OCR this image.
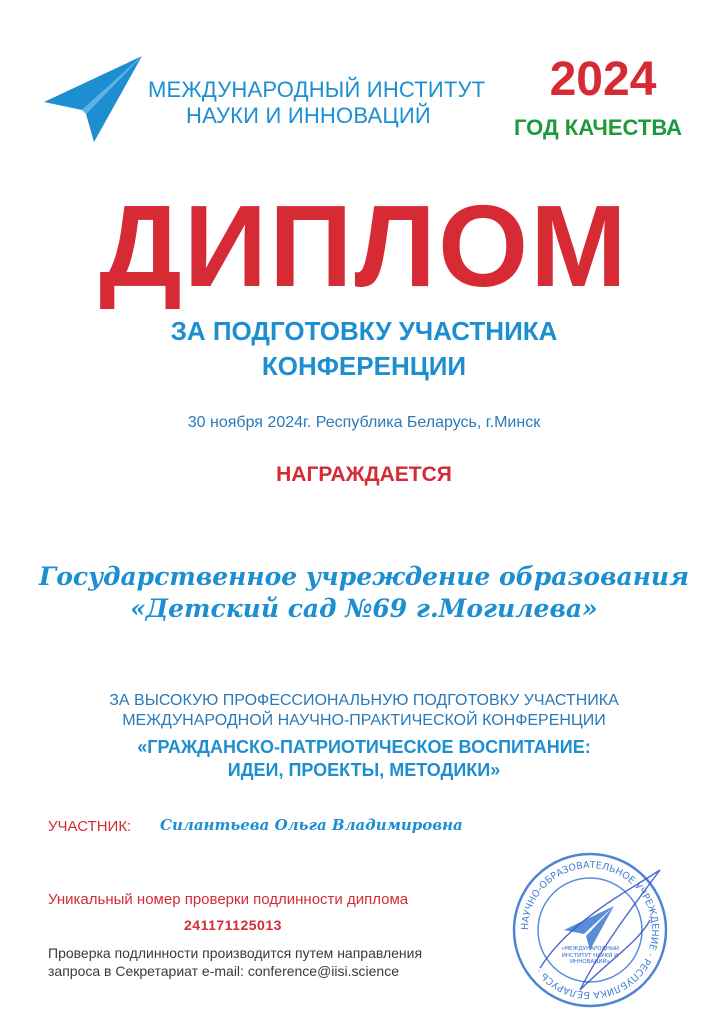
МЕЖДУНАРОДНЫЙ ИНСТИТУТ
НАУКИ И ИННОВАЦИЙ
2024
ГОД КАЧЕСТВА
ДИПЛОМ
ЗА ПОДГОТОВКУ УЧАСТНИКА
КОНФЕРЕНЦИИ
30 ноября 2024г. Республика Беларусь, г.Минск
НАГРАЖДАЕТСЯ
Государственное учреждение образования
«Детский сад №69 г.Могилева»
ЗА ВЫСОКУЮ ПРОФЕССИОНАЛЬНУЮ ПОДГОТОВКУ УЧАСТНИКА
МЕЖДУНАРОДНОЙ НАУЧНО-ПРАКТИЧЕСКОЙ КОНФЕРЕНЦИИ
«ГРАЖДАНСКО-ПАТРИОТИЧЕСКОЕ ВОСПИТАНИЕ:
ИДЕИ, ПРОЕКТЫ, МЕТОДИКИ»
УЧАСТНИК: Силантьева Ольга Владимировна
Уникальный номер проверки подлинности диплома
241171125013
Проверка подлинности производится путем направления
запроса в Секретариат e-mail: conference@iisi.science
НАУЧНО-ОБРАЗОВАТЕЛЬНОЕ УЧРЕЖДЕНИЕ · РЕСПУБЛИКА БЕЛАРУСЬ ·
«МЕЖДУНАРОДНЫЙ ИНСТИТУТ НАУКИ И ИННОВАЦИЙ»
